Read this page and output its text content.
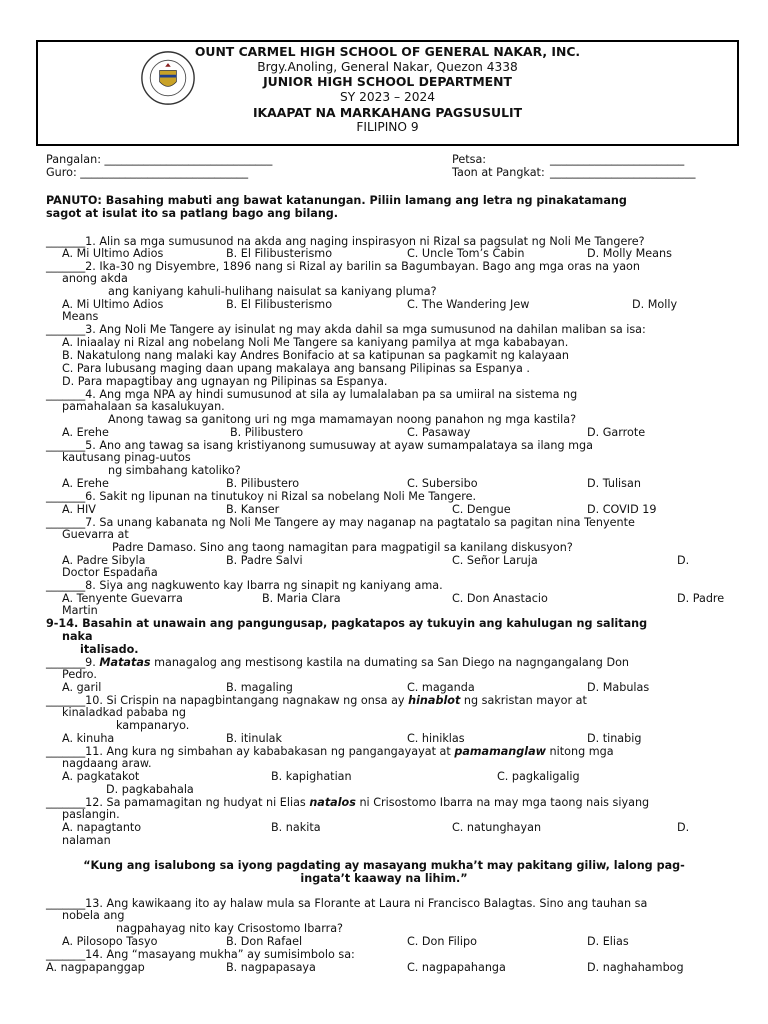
OUNT CARMEL HIGH SCHOOL OF GENERAL NAKAR, INC.
Brgy.Anoling, General Nakar, Quezon 4338
JUNIOR HIGH SCHOOL DEPARTMENT
SY 2023 – 2024
IKAAPAT NA MARKAHANG PAGSUSULIT
FILIPINO 9
Pangalan: ______________________________	Petsa:	________________________
Guro: ______________________________	Taon at Pangkat: __________________________
PANUTO: Basahing mabuti ang bawat katanungan. Piliin lamang ang letra ng pinakatamang
sagot at isulat ito sa patlang bago ang bilang.
_______1. Alin sa mga sumusunod na akda ang naging inspirasyon ni Rizal sa pagsulat ng Noli Me Tangere?
A. Mi Ultimo Adios	B. El Filibusterismo	C. Uncle Tom’s Cabin	D. Molly Means
_______2. Ika-30 ng Disyembre, 1896 nang si Rizal ay barilin sa Bagumbayan. Bago ang mga oras na yaon
anong akda
ang kaniyang kahuli-hulihang naisulat sa kaniyang pluma?
A. Mi Ultimo Adios	B. El Filibusterismo	C. The Wandering Jew	D. Molly
Means
_______3. Ang Noli Me Tangere ay isinulat ng may akda dahil sa mga sumusunod na dahilan maliban sa isa:
A. Iniaalay ni Rizal ang nobelang Noli Me Tangere sa kaniyang pamilya at mga kababayan.
B. Nakatulong nang malaki kay Andres Bonifacio at sa katipunan sa pagkamit ng kalayaan
C. Para lubusang maging daan upang makalaya ang bansang Pilipinas sa Espanya .
D. Para mapagtibay ang ugnayan ng Pilipinas sa Espanya.
_______4. Ang mga NPA ay hindi sumusunod at sila ay lumalalaban pa sa umiiral na sistema ng
pamahalaan sa kasalukuyan.
Anong tawag sa ganitong uri ng mga mamamayan noong panahon ng mga kastila?
A. Erehe	B. Pilibustero	C. Pasaway	D. Garrote
_______5. Ano ang tawag sa isang kristiyanong sumusuway at ayaw sumampalataya sa ilang mga
kautusang pinag-uutos
ng simbahang katoliko?
A. Erehe	B. Pilibustero	C. Subersibo	D. Tulisan
_______6. Sakit ng lipunan na tinutukoy ni Rizal sa nobelang Noli Me Tangere.
A. HIV	B. Kanser	C. Dengue	D. COVID 19
_______7. Sa unang kabanata ng Noli Me Tangere ay may naganap na pagtatalo sa pagitan nina Tenyente
Guevarra at
Padre Damaso. Sino ang taong namagitan para magpatigil sa kanilang diskusyon?
A. Padre Sibyla	B. Padre Salvi	C. Señor Laruja	D.
Doctor Espadaña
_______8. Siya ang nagkuwento kay Ibarra ng sinapit ng kaniyang ama.
A. Tenyente Guevarra	B. Maria Clara	C. Don Anastacio	D. Padre
Martin
9-14. Basahin at unawain ang pangungusap, pagkatapos ay tukuyin ang kahulugan ng salitang
naka
italisado.
_______9. Matatas managalog ang mestisong kastila na dumating sa San Diego na nagngangalang Don
Pedro.
A. garil	B. magaling	C. maganda	D. Mabulas
_______10. Si Crispin na napagbintangang nagnakaw ng onsa ay hinablot ng sakristan mayor at
kinaladkad pababa ng
kampanaryo.
A. kinuha	B. itinulak	C. hiniklas	D. tinabig
_______11. Ang kura ng simbahan ay kababakasan ng pangangayayat at pamamanglaw nitong mga
nagdaang araw.
A. pagkatakot	B. kapighatian	C. pagkaligalig
D. pagkabahala
_______12. Sa pamamagitan ng hudyat ni Elias natalos ni Crisostomo Ibarra na may mga taong nais siyang
paslangin.
A. napagtanto	B. nakita	C. natunghayan	D.
nalaman
“Kung ang isalubong sa iyong pagdating ay masayang mukha’t may pakitang giliw, lalong pag-
ingata’t kaaway na lihim.”
_______13. Ang kawikaang ito ay halaw mula sa Florante at Laura ni Francisco Balagtas. Sino ang tauhan sa
nobela ang
nagpahayag nito kay Crisostomo Ibarra?
A. Pilosopo Tasyo	B. Don Rafael	C. Don Filipo	D. Elias
_______14. Ang “masayang mukha” ay sumisimbolo sa:
A. nagpapanggap	B. nagpapasaya	C. nagpapahanga	D. naghahambog
